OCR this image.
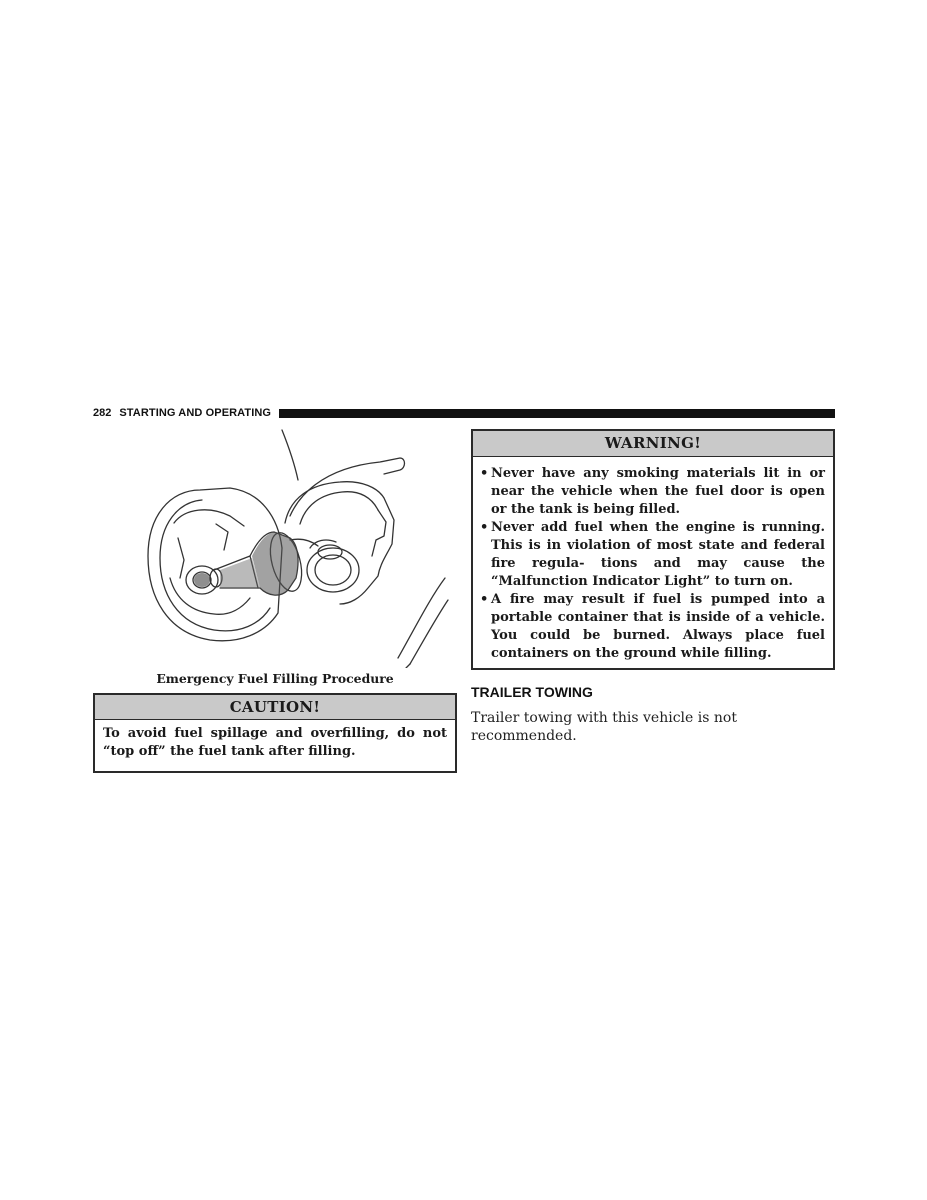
282 STARTING AND OPERATING
Emergency Fuel Filling Procedure
CAUTION!
To avoid fuel spillage and overfilling, do not “top off” the fuel tank after filling.
WARNING!
• Never have any smoking materials lit in or near the vehicle when the fuel door is open or the tank is being filled.
• Never add fuel when the engine is running. This is in violation of most state and federal fire regula- tions and may cause the “Malfunction Indicator Light” to turn on.
• A fire may result if fuel is pumped into a portable container that is inside of a vehicle. You could be burned. Always place fuel containers on the ground while filling.
TRAILER TOWING
Trailer towing with this vehicle is not recommended.
